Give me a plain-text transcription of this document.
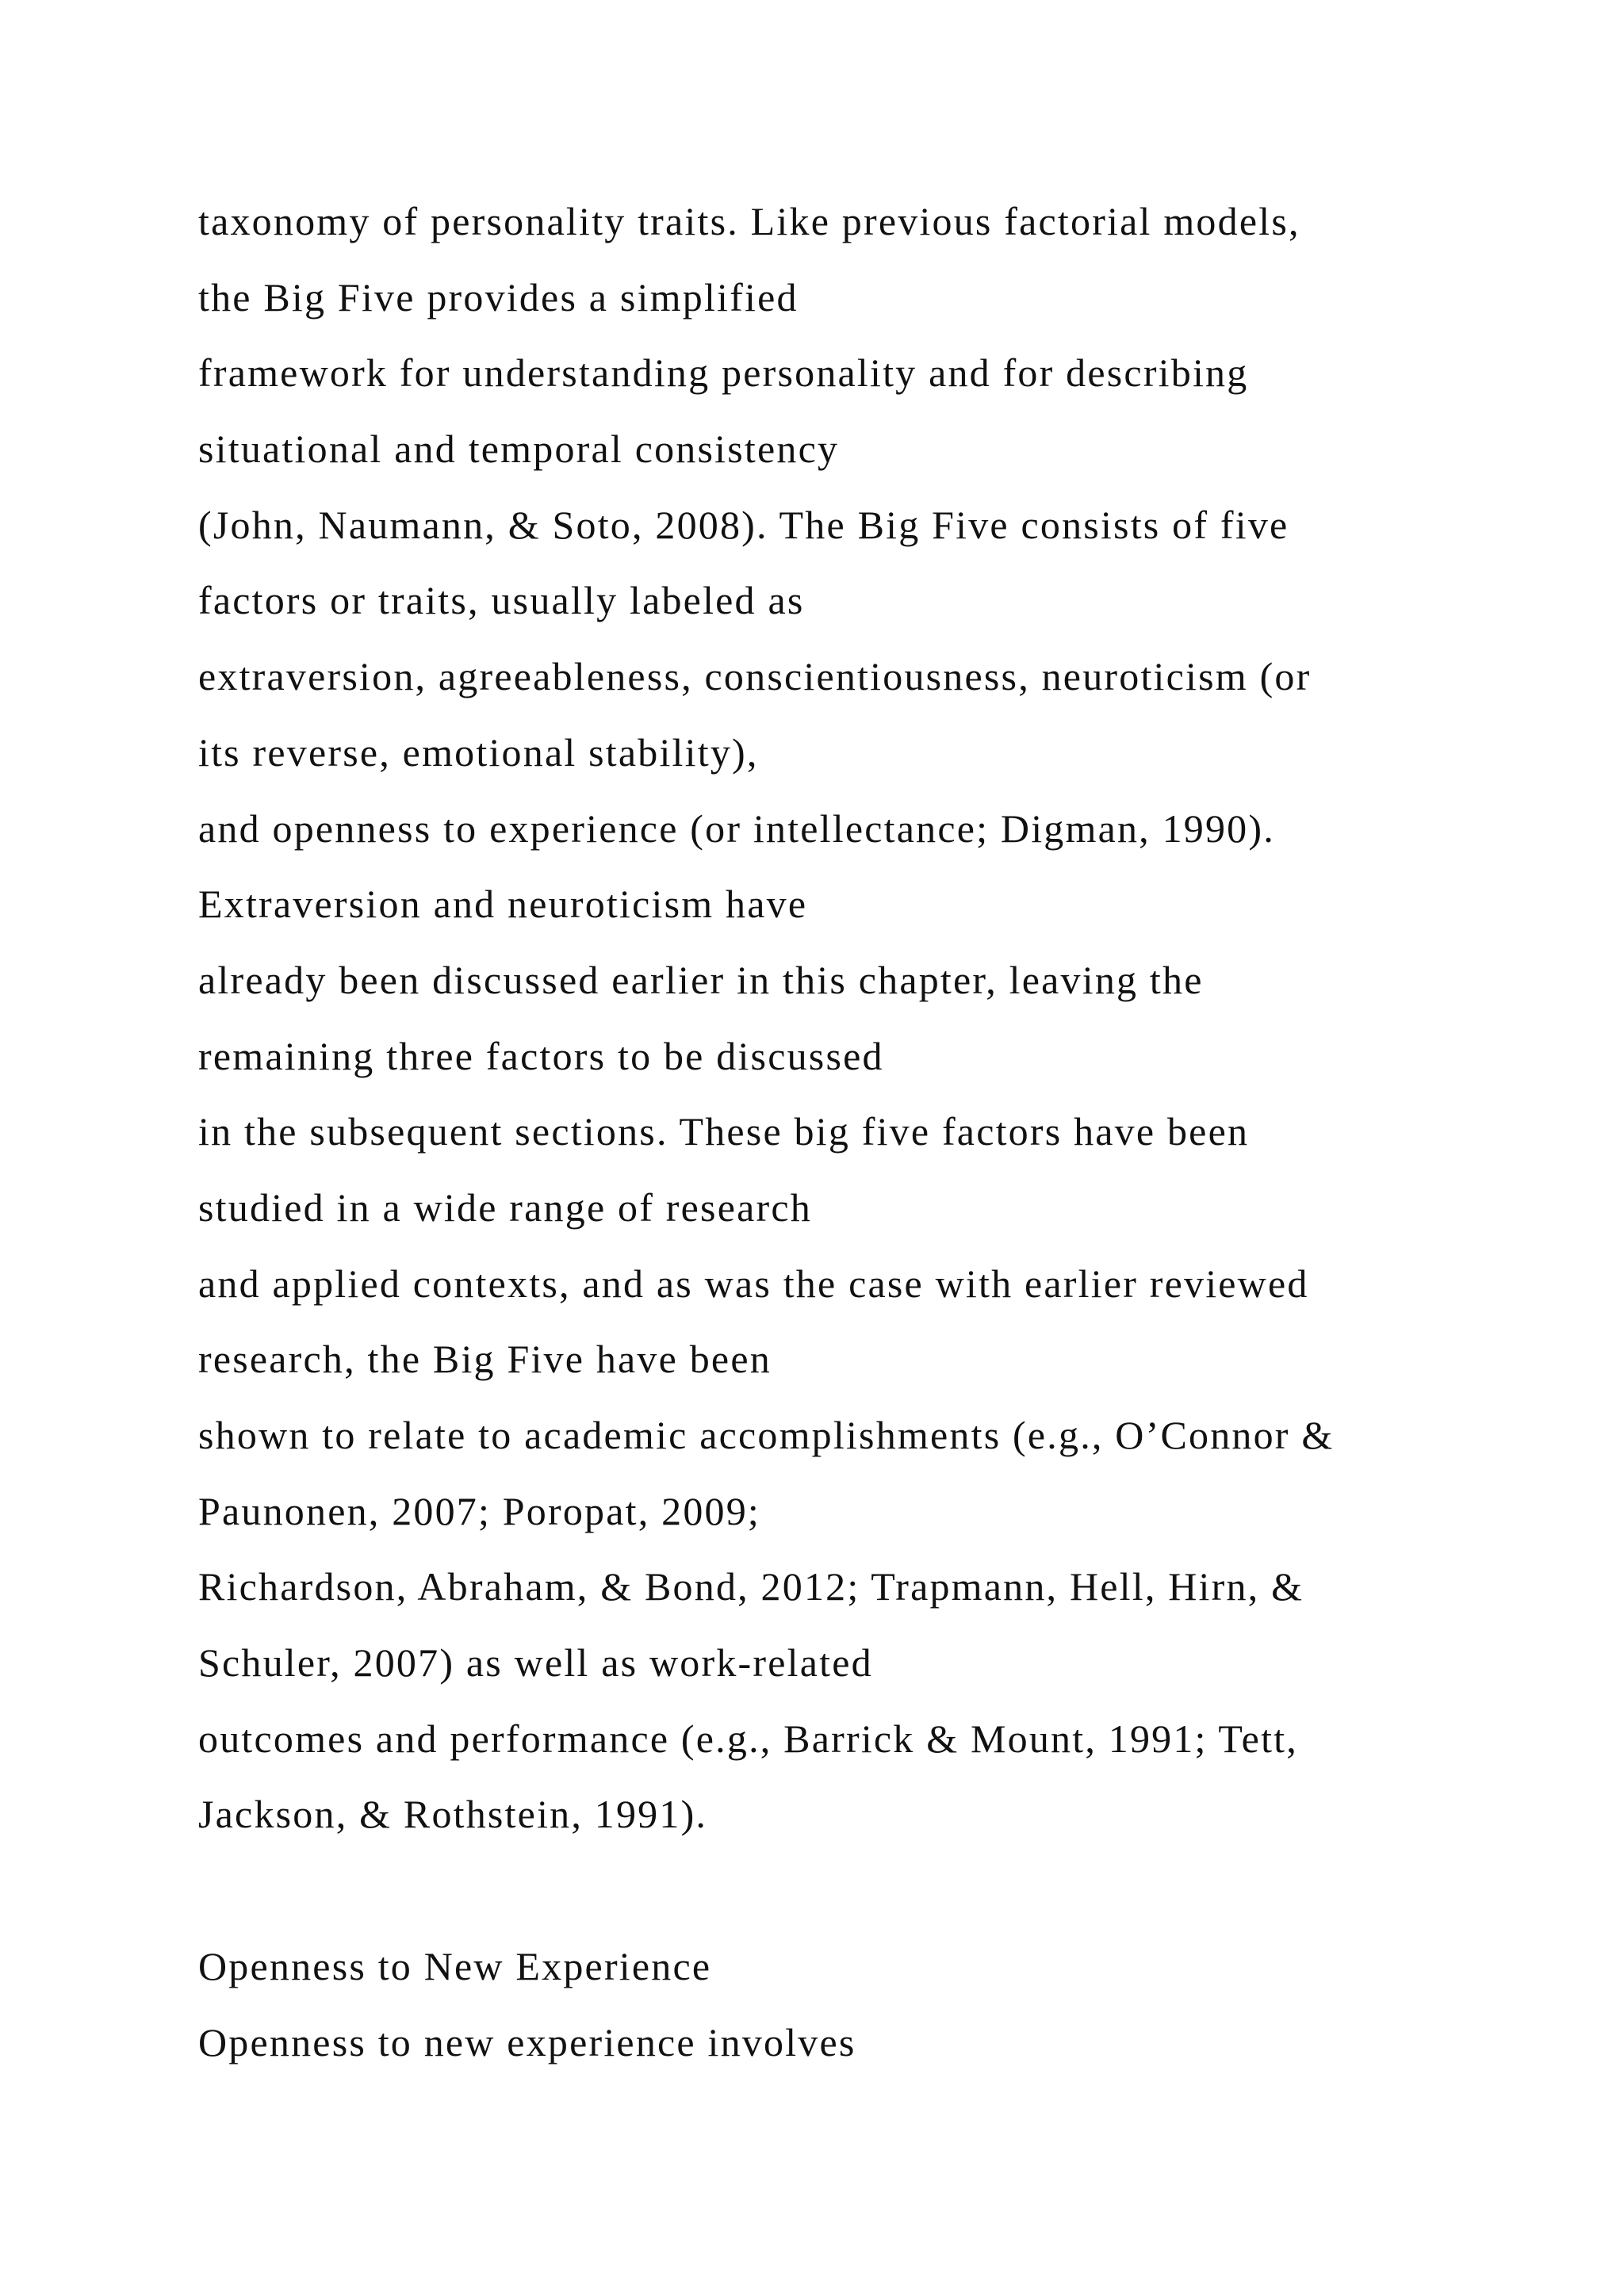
taxonomy of personality traits. Like previous factorial models,
the Big Five provides a simplified
framework for understanding personality and for describing
situational and temporal consistency
(John, Naumann, & Soto, 2008). The Big Five consists of five
factors or traits, usually labeled as
extraversion, agreeableness, conscientiousness, neuroticism (or
its reverse, emotional stability),
and openness to experience (or intellectance; Digman, 1990).
Extraversion and neuroticism have
already been discussed earlier in this chapter, leaving the
remaining three factors to be discussed
in the subsequent sections. These big five factors have been
studied in a wide range of research
and applied contexts, and as was the case with earlier reviewed
research, the Big Five have been
shown to relate to academic accomplishments (e.g., O’Connor &
Paunonen, 2007; Poropat, 2009;
Richardson, Abraham, & Bond, 2012; Trapmann, Hell, Hirn, &
Schuler, 2007) as well as work-related
outcomes and performance (e.g., Barrick & Mount, 1991; Tett,
Jackson, & Rothstein, 1991).
Openness to New Experience
Openness to new experience involves
